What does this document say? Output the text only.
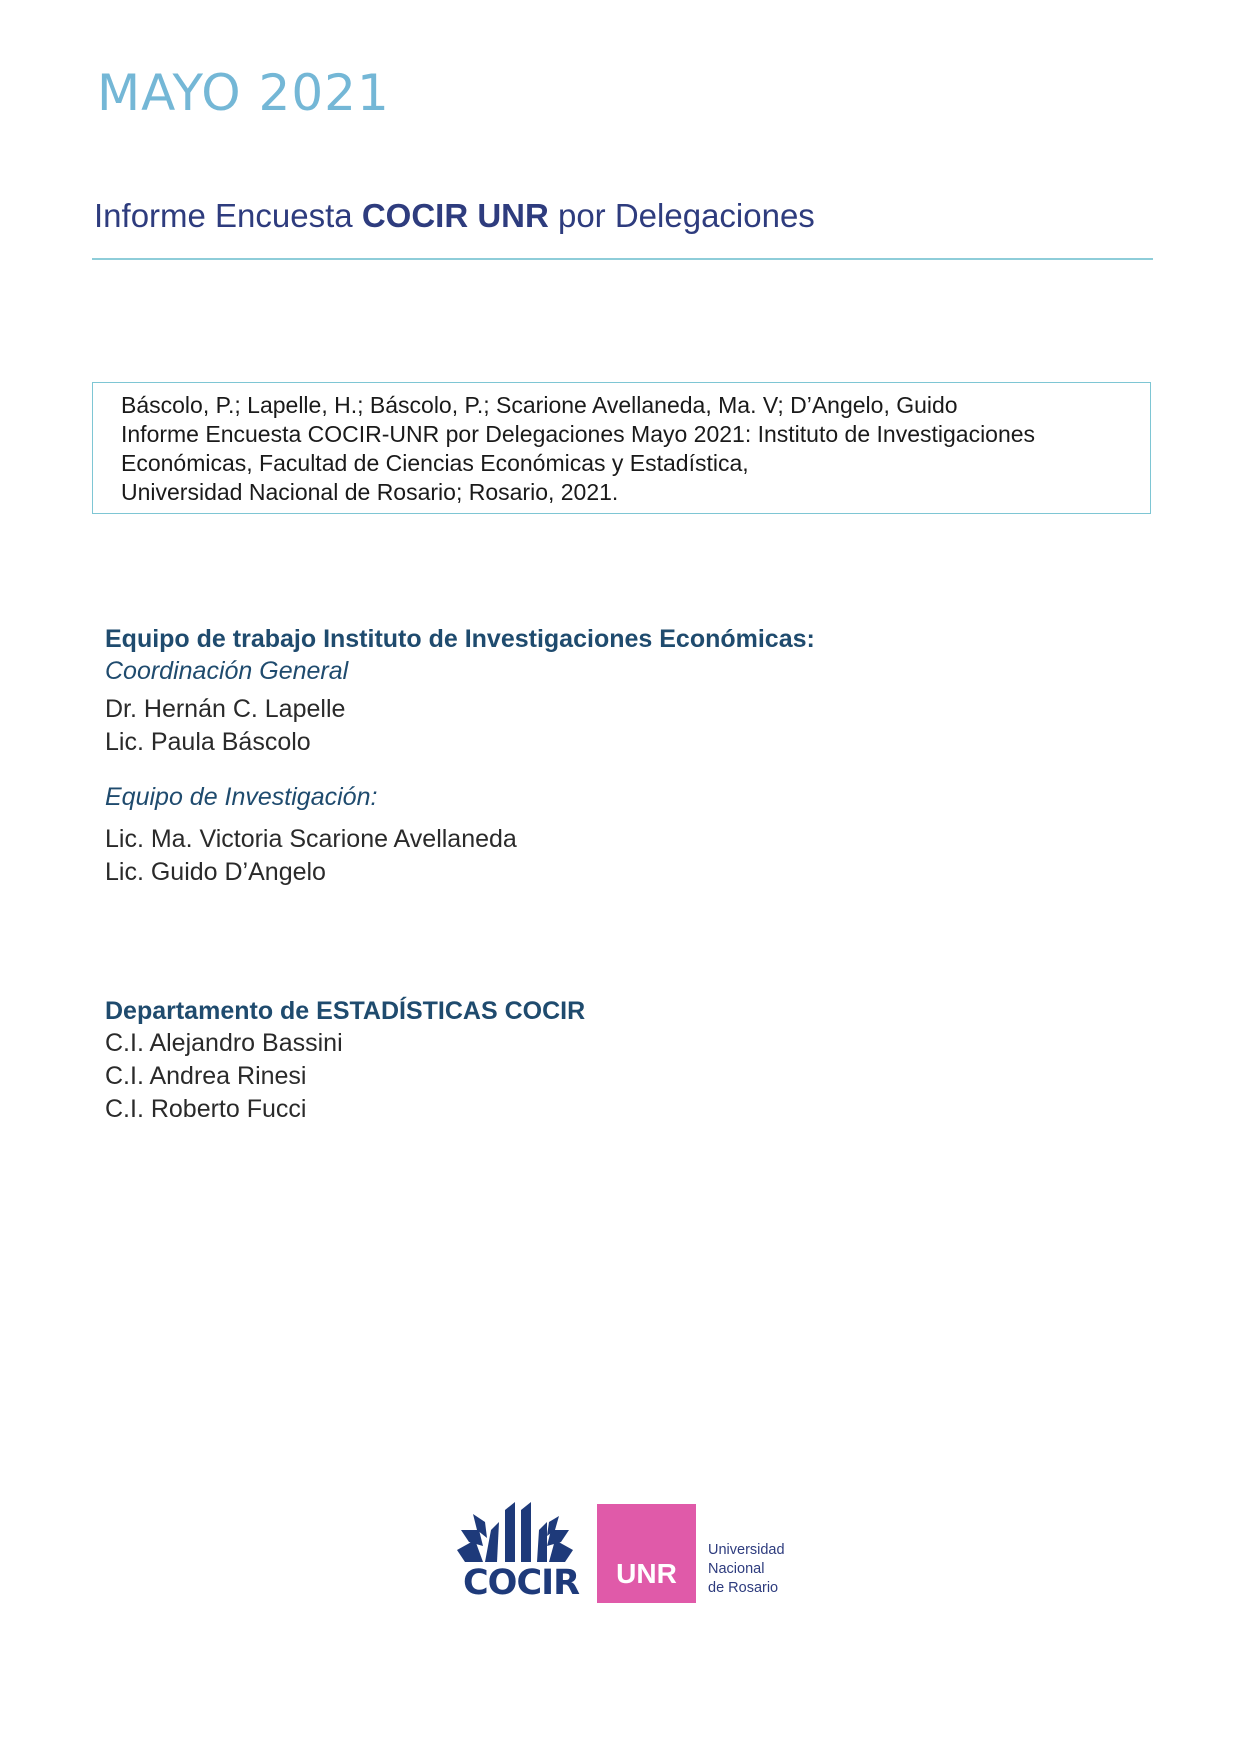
MAYO 2021
Informe Encuesta COCIR UNR por Delegaciones
Báscolo, P.; Lapelle, H.; Báscolo, P.; Scarione Avellaneda, Ma. V; D’Angelo, Guido
Informe Encuesta COCIR-UNR por Delegaciones Mayo 2021: Instituto de Investigaciones
Económicas, Facultad de Ciencias Económicas y Estadística,
Universidad Nacional de Rosario; Rosario, 2021.
Equipo de trabajo Instituto de Investigaciones Económicas:
Coordinación General
Dr. Hernán C. Lapelle
Lic. Paula Báscolo
Equipo de Investigación:
Lic. Ma. Victoria Scarione Avellaneda
Lic. Guido D’Angelo
Departamento de ESTADÍSTICAS COCIR
C.I. Alejandro Bassini
C.I. Andrea Rinesi
C.I. Roberto Fucci
COCIR	UNR
Universidad
Nacional
de Rosario
